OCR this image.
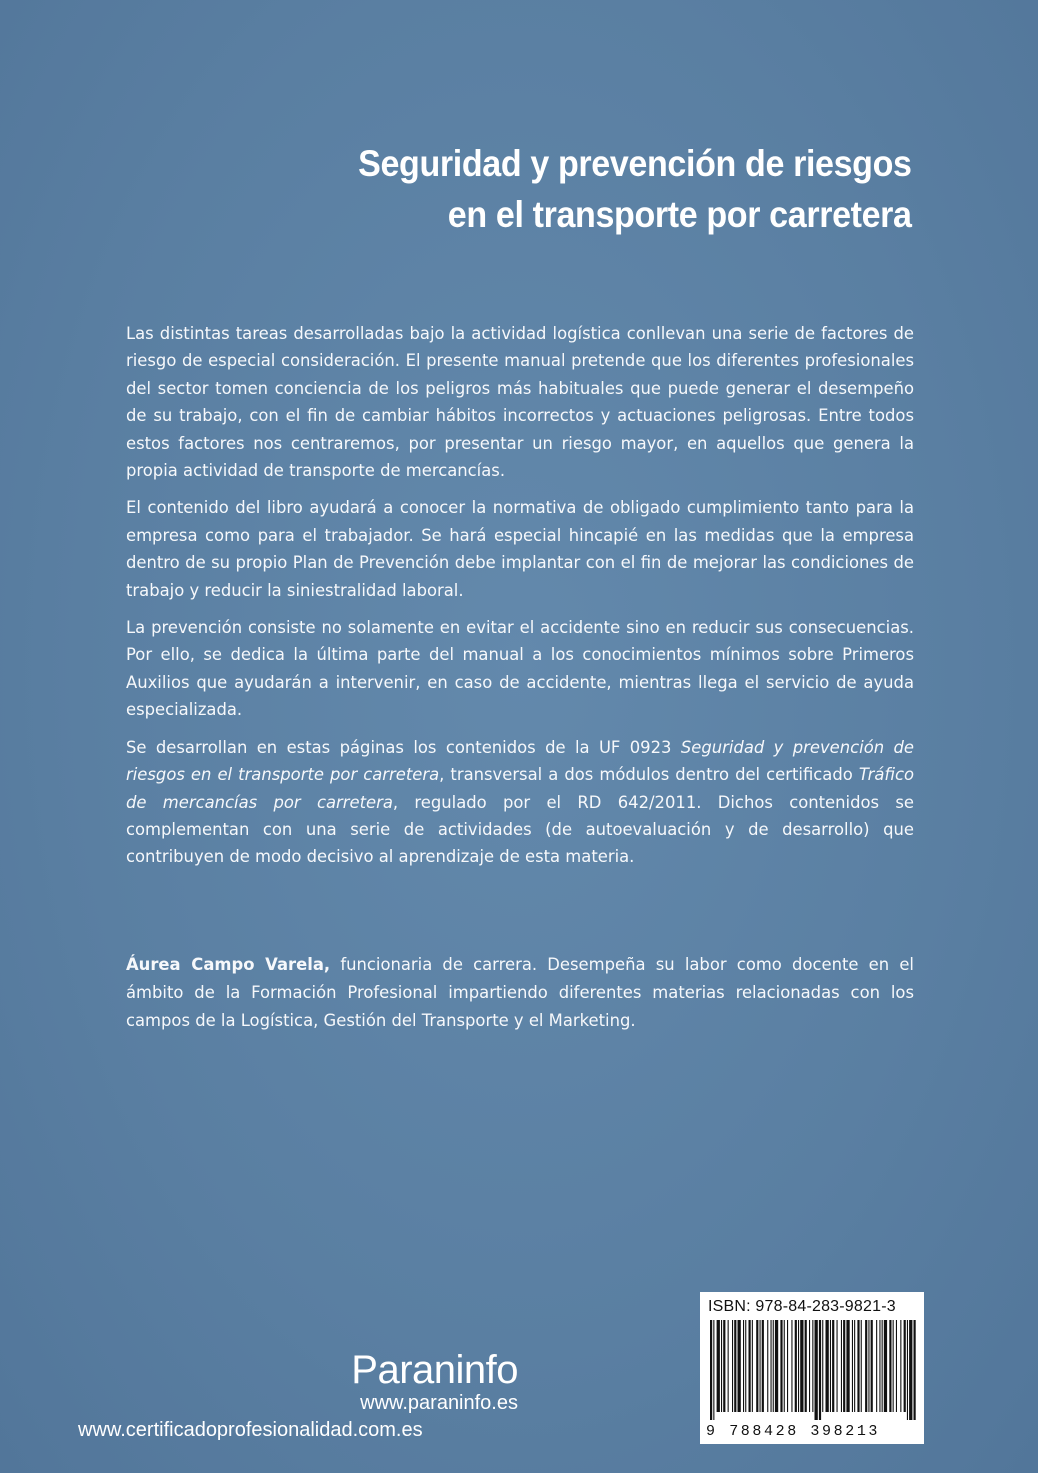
Seguridad y prevención de riesgos
en el transporte por carretera

Las distintas tareas desarrolladas bajo la actividad logística conllevan una serie de factores de riesgo de especial consideración. El presente manual pretende que los diferentes profesionales del sector tomen conciencia de los peligros más habituales que puede generar el desempeño de su trabajo, con el fin de cambiar hábitos incorrectos y actuaciones peligrosas. Entre todos estos factores nos centraremos, por presentar un riesgo mayor, en aquellos que genera la propia actividad de transporte de mercancías.

El contenido del libro ayudará a conocer la normativa de obligado cumplimiento tanto para la empresa como para el trabajador. Se hará especial hincapié en las medidas que la empresa dentro de su propio Plan de Prevención debe implantar con el fin de mejorar las condiciones de trabajo y reducir la siniestralidad laboral.

La prevención consiste no solamente en evitar el accidente sino en reducir sus consecuencias. Por ello, se dedica la última parte del manual a los conocimientos mínimos sobre Primeros Auxilios que ayudarán a intervenir, en caso de accidente, mientras llega el servicio de ayuda especializada.

Se desarrollan en estas páginas los contenidos de la UF 0923 Seguridad y prevención de riesgos en el transporte por carretera, transversal a dos módulos dentro del certificado Tráfico de mercancías por carretera, regulado por el RD 642/2011. Dichos contenidos se complementan con una serie de actividades (de autoevaluación y de desarrollo) que contribuyen de modo decisivo al aprendizaje de esta materia.

Áurea Campo Varela, funcionaria de carrera. Desempeña su labor como docente en el ámbito de la Formación Profesional impartiendo diferentes materias relacionadas con los campos de la Logística, Gestión del Transporte y el Marketing.

Paraninfo
www.paraninfo.es
www.certificadoprofesionalidad.com.es
ISBN: 978-84-283-9821-3
9 788428 398213
